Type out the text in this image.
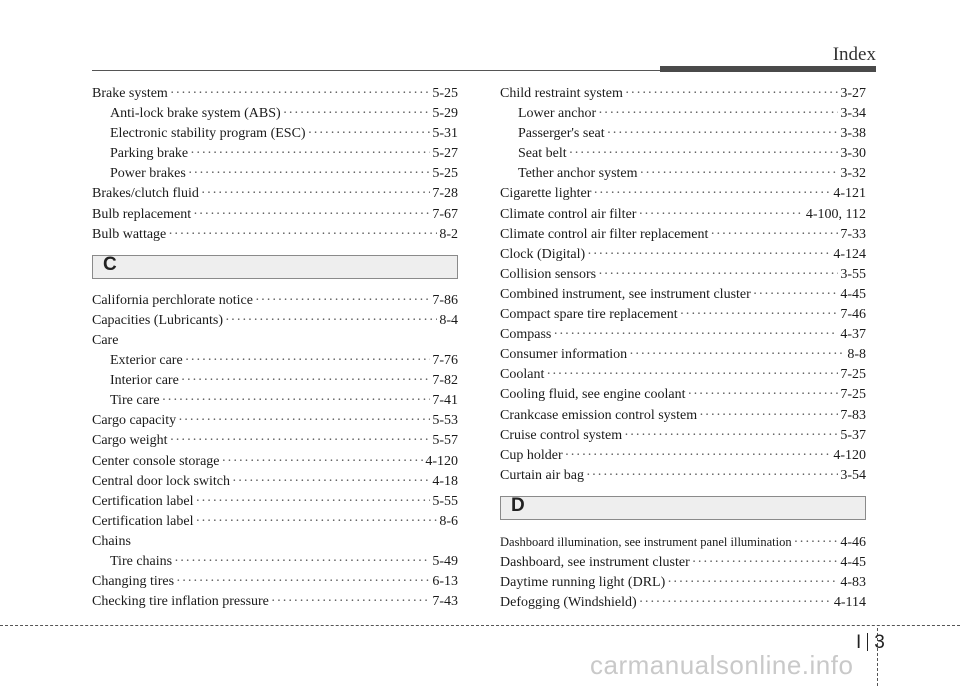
Index
Brake system ·····	5-25
Anti-lock brake system (ABS) ·····	5-29
Electronic stability program (ESC) ·····	5-31
Parking brake ·····	5-27
Power brakes ·····	5-25
Brakes/clutch fluid ·····	7-28
Bulb replacement ·····	7-67
Bulb wattage ·····	8-2
C
California perchlorate notice ·····	7-86
Capacities (Lubricants) ·····	8-4
Care
Exterior care ·····	7-76
Interior care ·····	7-82
Tire care ·····	7-41
Cargo capacity ·····	5-53
Cargo weight ·····	5-57
Center console storage ·····	4-120
Central door lock switch ·····	4-18
Certification label ·····	5-55
Certification label ·····	8-6
Chains
Tire chains ·····	5-49
Changing tires ·····	6-13
Checking tire inflation pressure ·····	7-43
Child restraint system ·····	3-27
Lower anchor ·····	3-34
Passerger's seat ·····	3-38
Seat belt ·····	3-30
Tether anchor system ·····	3-32
Cigarette lighter ·····	4-121
Climate control air filter ·····	4-100, 112
Climate control air filter replacement ·····	7-33
Clock (Digital) ·····	4-124
Collision sensors ·····	3-55
Combined instrument, see instrument cluster ·····	4-45
Compact spare tire replacement ·····	7-46
Compass ·····	4-37
Consumer information ·····	8-8
Coolant ·····	7-25
Cooling fluid, see engine coolant ·····	7-25
Crankcase emission control system ·····	7-83
Cruise control system ·····	5-37
Cup holder ·····	4-120
Curtain air bag ·····	3-54
D
Dashboard illumination, see instrument panel illumination ·····	4-46
Dashboard, see instrument cluster ·····	4-45
Daytime running light (DRL) ·····	4-83
Defogging (Windshield) ·····	4-114
I 3
carmanualsonline.info
